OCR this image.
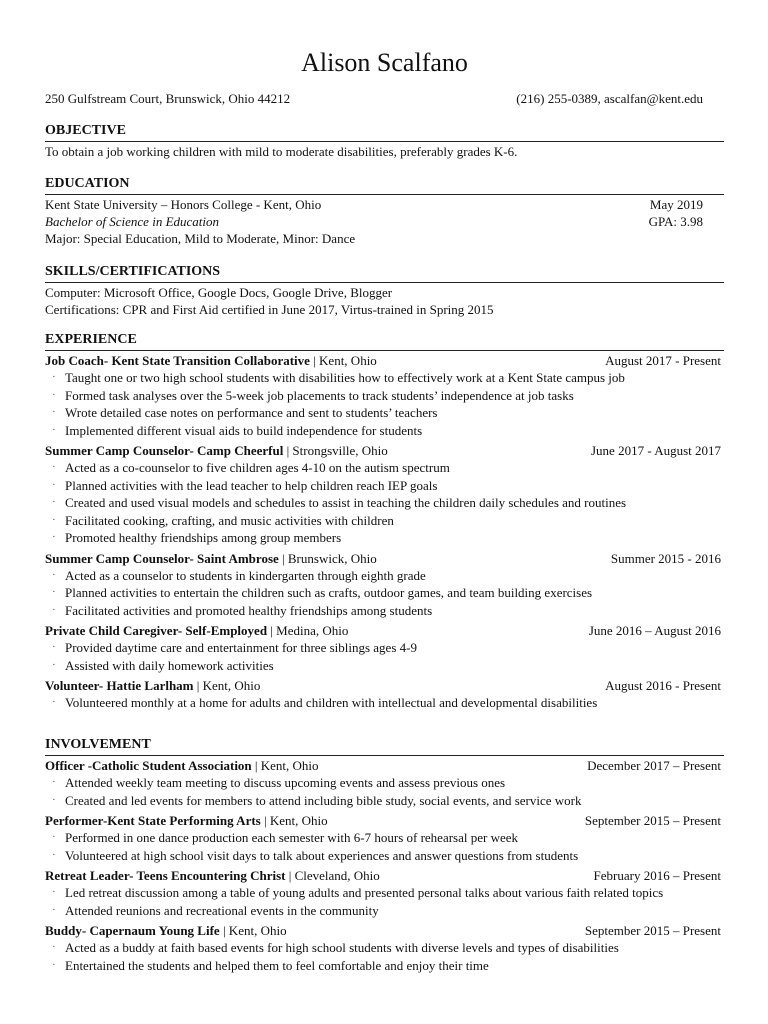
Alison Scalfano
250 Gulfstream Court, Brunswick, Ohio 44212	(216) 255-0389, ascalfan@kent.edu
OBJECTIVE
To obtain a job working children with mild to moderate disabilities, preferably grades K-6.
EDUCATION
Kent State University – Honors College - Kent, Ohio	May 2019
Bachelor of Science in Education	GPA: 3.98
Major: Special Education, Mild to Moderate, Minor: Dance
SKILLS/CERTIFICATIONS
Computer: Microsoft Office, Google Docs, Google Drive, Blogger
Certifications: CPR and First Aid certified in June 2017, Virtus-trained in Spring 2015
EXPERIENCE
Job Coach- Kent State Transition Collaborative | Kent, Ohio	August 2017 - Present
· Taught one or two high school students with disabilities how to effectively work at a Kent State campus job
· Formed task analyses over the 5-week job placements to track students’ independence at job tasks
· Wrote detailed case notes on performance and sent to students’ teachers
· Implemented different visual aids to build independence for students
Summer Camp Counselor- Camp Cheerful | Strongsville, Ohio	June 2017 - August 2017
· Acted as a co-counselor to five children ages 4-10 on the autism spectrum
· Planned activities with the lead teacher to help children reach IEP goals
· Created and used visual models and schedules to assist in teaching the children daily schedules and routines
· Facilitated cooking, crafting, and music activities with children
· Promoted healthy friendships among group members
Summer Camp Counselor- Saint Ambrose | Brunswick, Ohio	Summer 2015 - 2016
· Acted as a counselor to students in kindergarten through eighth grade
· Planned activities to entertain the children such as crafts, outdoor games, and team building exercises
· Facilitated activities and promoted healthy friendships among students
Private Child Caregiver- Self-Employed | Medina, Ohio	June 2016 – August 2016
· Provided daytime care and entertainment for three siblings ages 4-9
· Assisted with daily homework activities
Volunteer- Hattie Larlham | Kent, Ohio	August 2016 - Present
· Volunteered monthly at a home for adults and children with intellectual and developmental disabilities
INVOLVEMENT
Officer -Catholic Student Association | Kent, Ohio	December 2017 – Present
· Attended weekly team meeting to discuss upcoming events and assess previous ones
· Created and led events for members to attend including bible study, social events, and service work
Performer-Kent State Performing Arts | Kent, Ohio	September 2015 – Present
· Performed in one dance production each semester with 6-7 hours of rehearsal per week
· Volunteered at high school visit days to talk about experiences and answer questions from students
Retreat Leader- Teens Encountering Christ | Cleveland, Ohio	February 2016 – Present
· Led retreat discussion among a table of young adults and presented personal talks about various faith related topics
· Attended reunions and recreational events in the community
Buddy- Capernaum Young Life | Kent, Ohio	September 2015 – Present
· Acted as a buddy at faith based events for high school students with diverse levels and types of disabilities
· Entertained the students and helped them to feel comfortable and enjoy their time
